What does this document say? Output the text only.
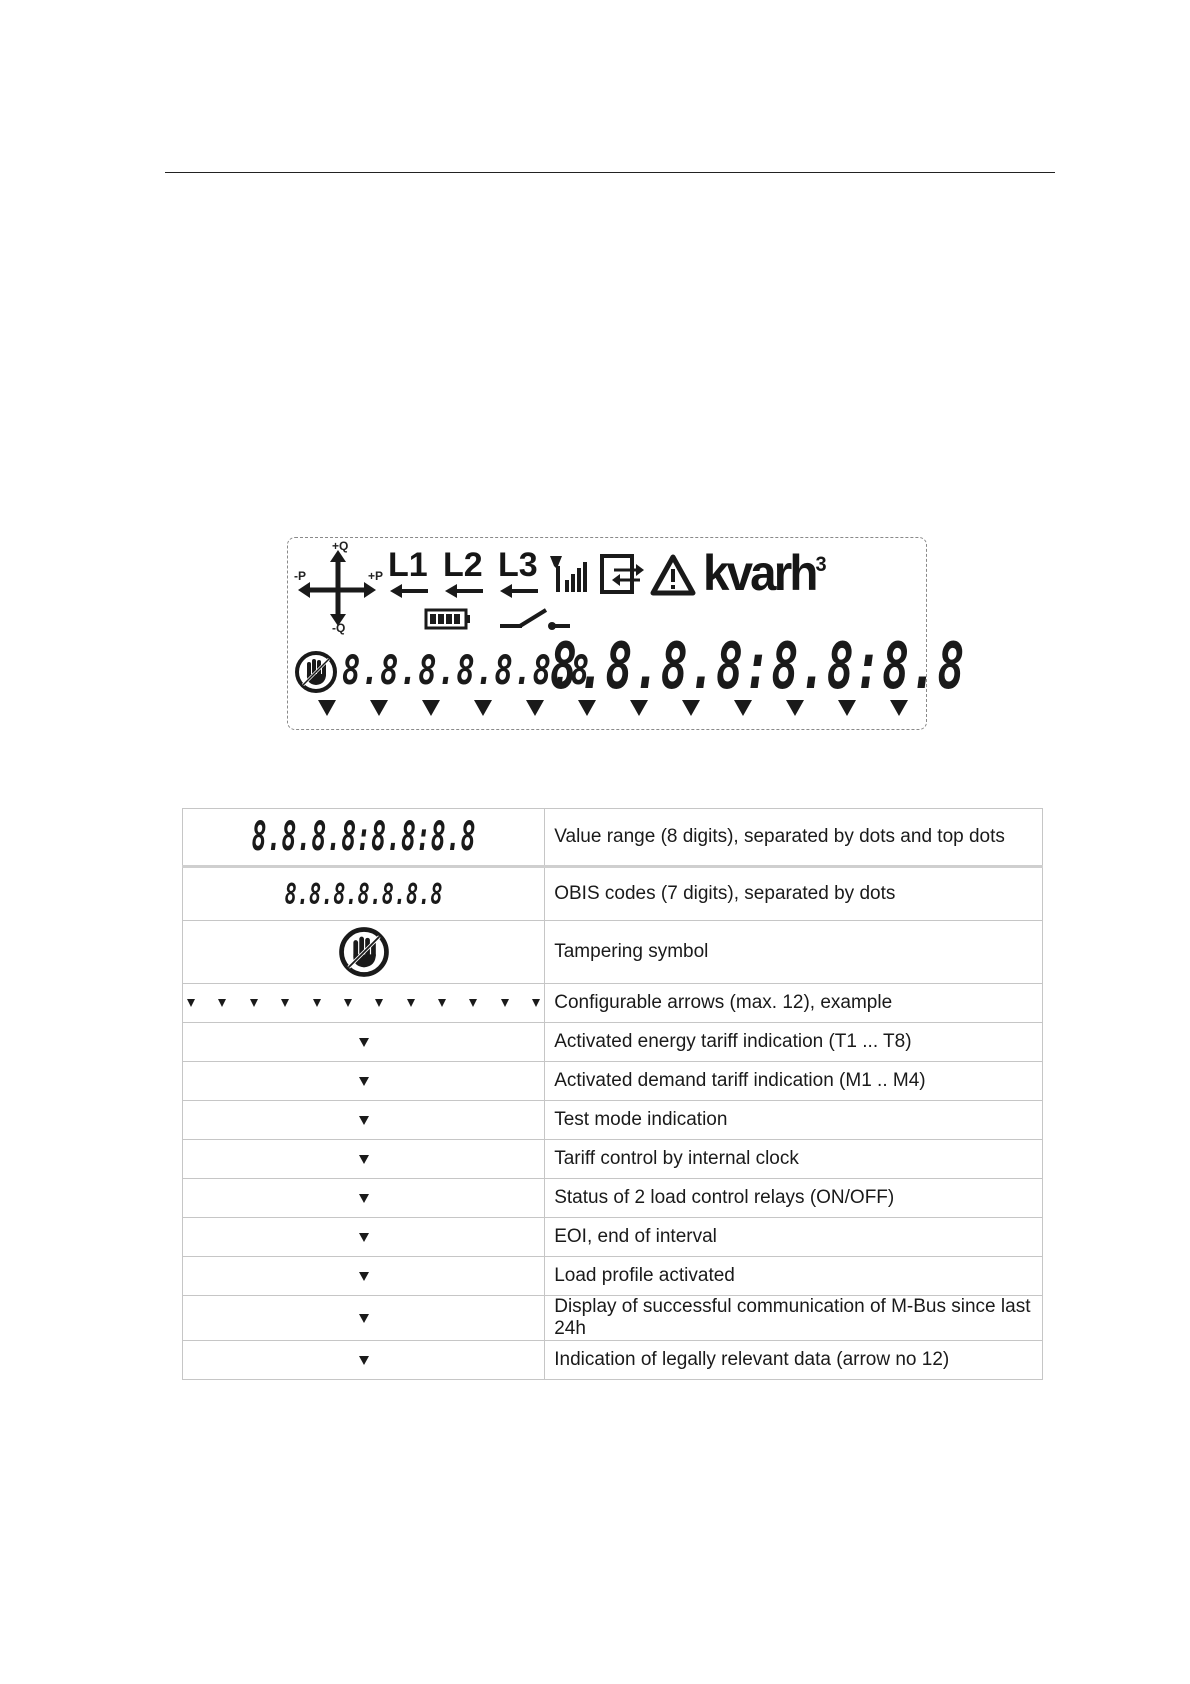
+Q
-Q
+P
-P L1 L2 L3	kvarh$^3$
8.8.8.8.8.8.8
8.8.8.8:8.8:8.8
8.8.8.8:8.8:8.8	Value range (8 digits), separated by dots and top dots
8.8.8.8.8.8.8	OBIS codes (7 digits), separated by dots
	Tampering symbol

	Configurable arrows (max. 12), example
	Activated energy tariff indication (T1 ... T8)
	Activated demand tariff indication (M1 .. M4)
	Test mode indication
	Tariff control by internal clock
	Status of 2 load control relays (ON/OFF)
	EOI, end of interval
	Load profile activated
	Display of successful communication of M-Bus since last 24h
	Indication of legally relevant data (arrow no 12)
